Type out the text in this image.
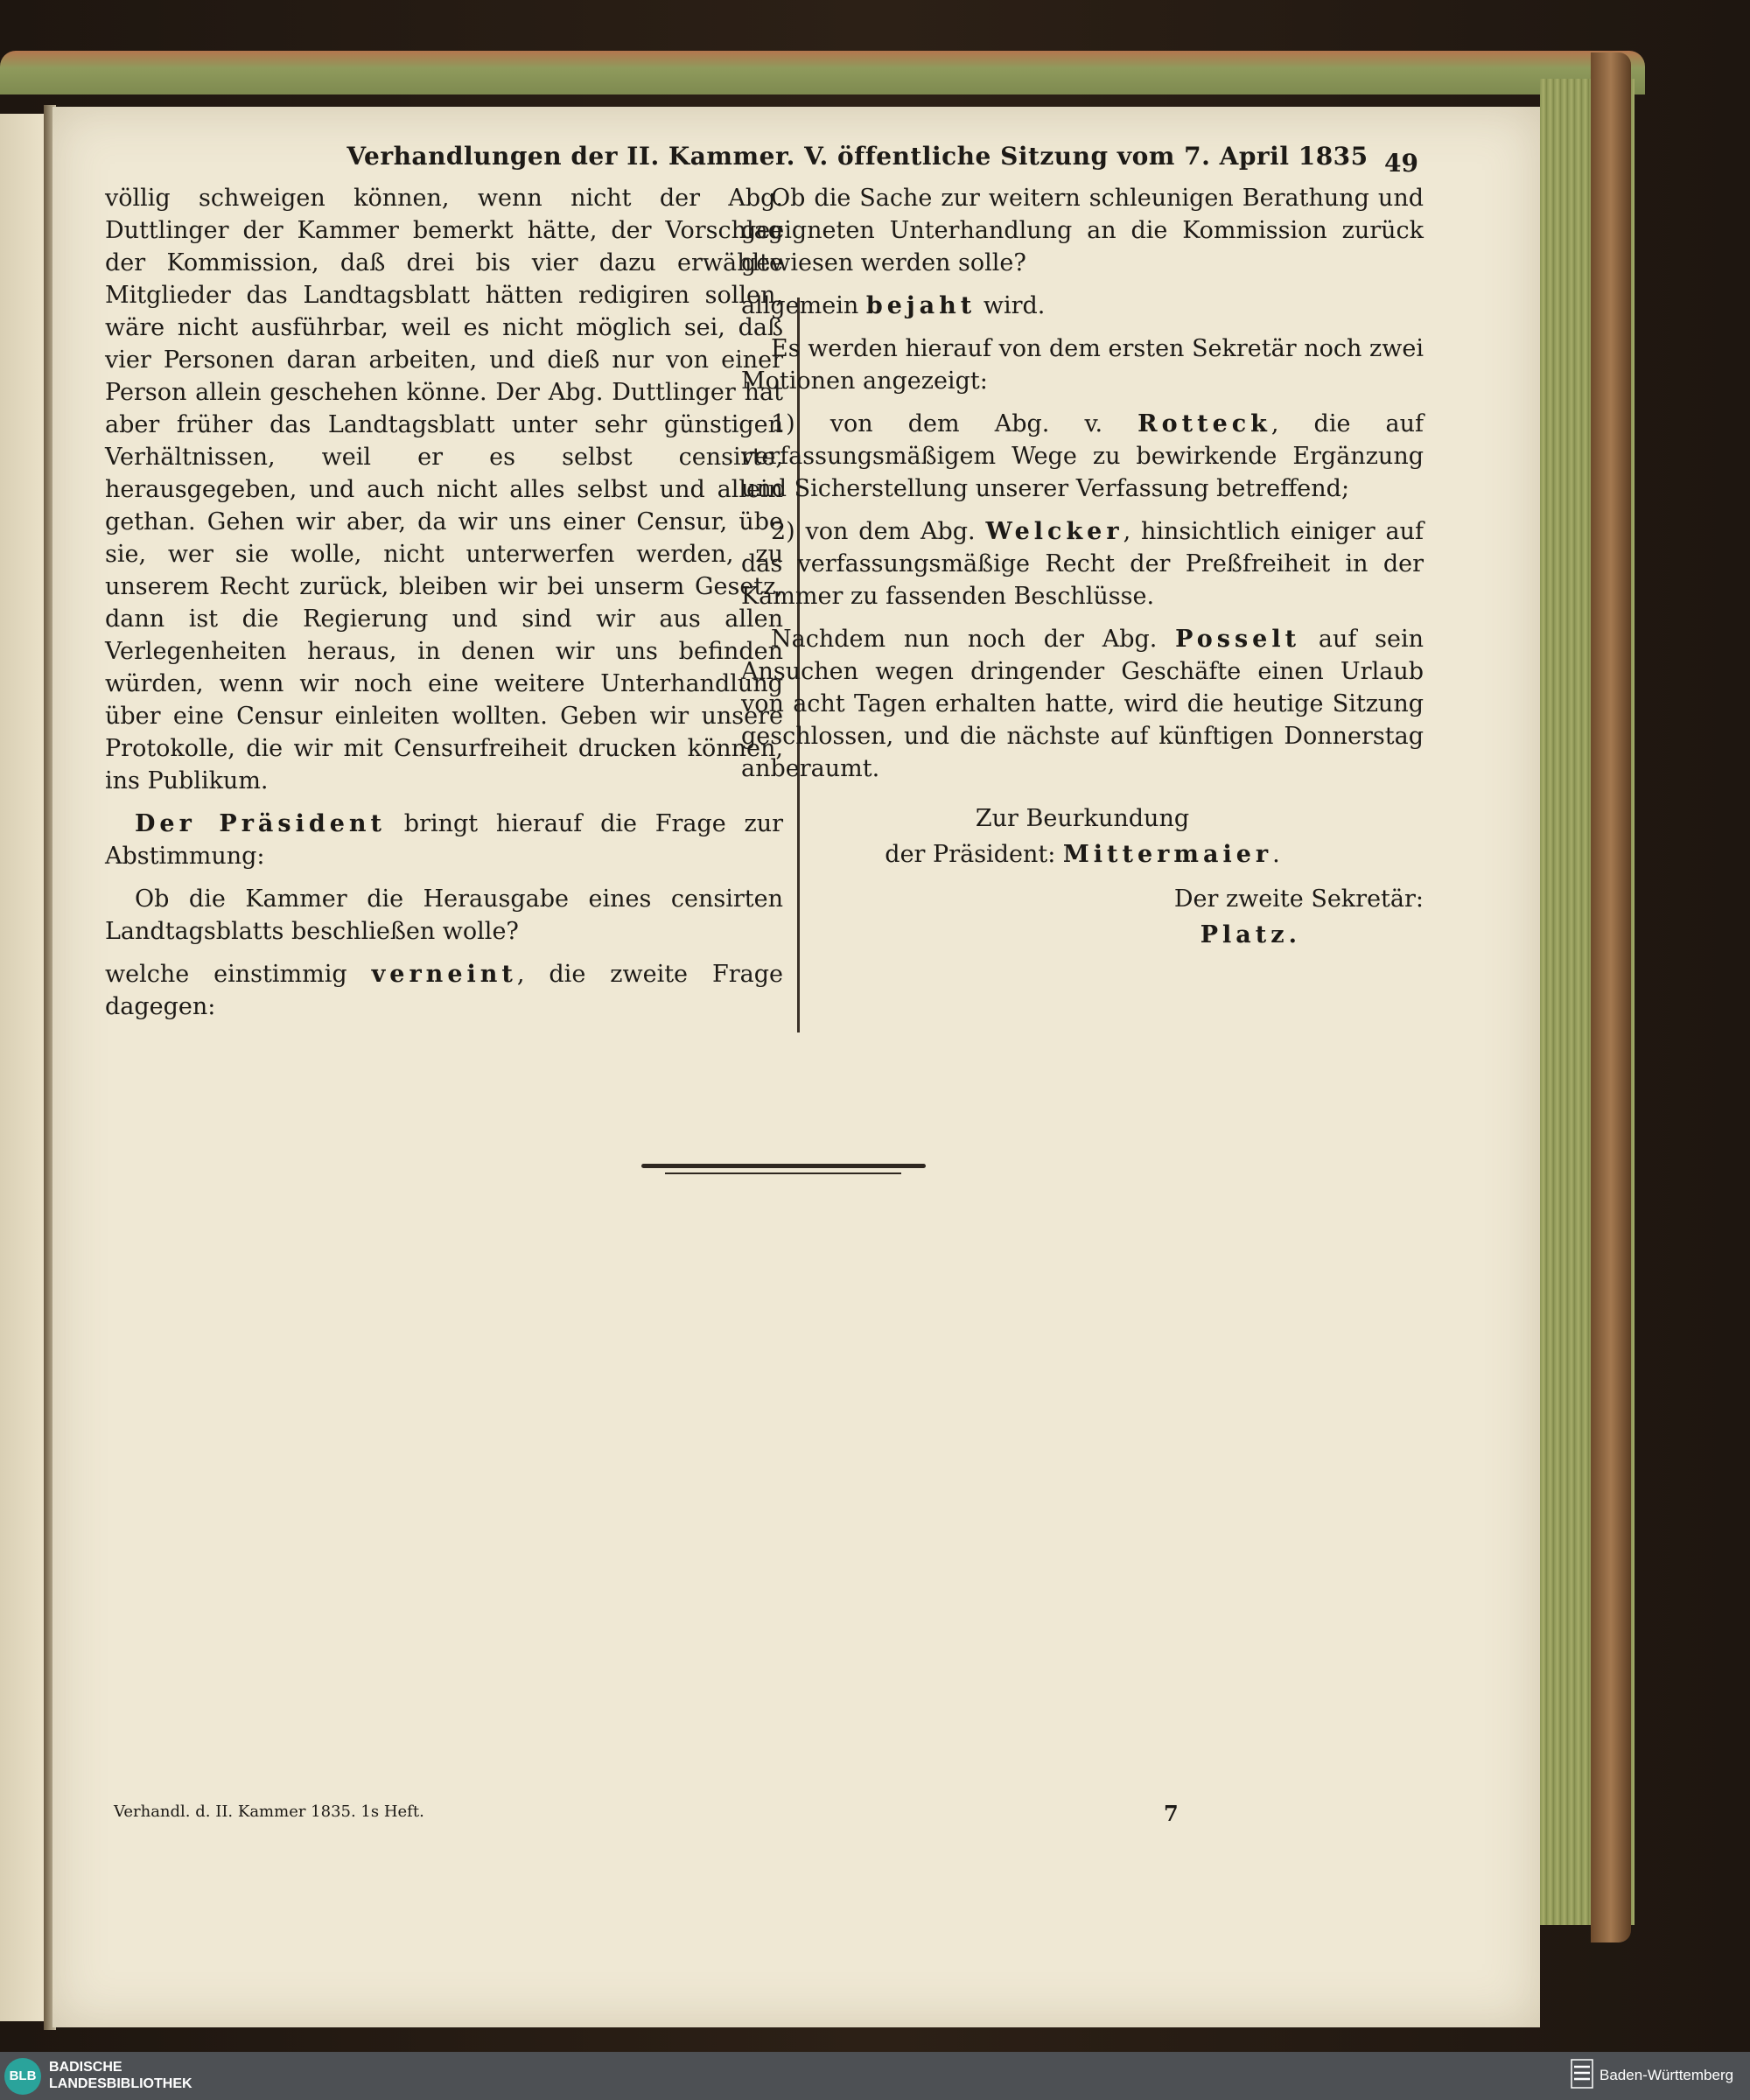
Verhandlungen der II. Kammer. V. öffentliche Sitzung vom 7. April 1835 49

völlig schweigen können, wenn nicht der Abg. Duttlinger der Kammer bemerkt hätte, der Vorschlag der Kommission, daß drei bis vier dazu erwählte Mitglieder das Landtagsblatt hätten redigiren sollen, wäre nicht ausführbar, weil es nicht möglich sei, daß vier Personen daran arbeiten, und dieß nur von einer Person allein geschehen könne. Der Abg. Duttlinger hat aber früher das Landtagsblatt unter sehr günstigen Verhältnissen, weil er es selbst censirte, herausgegeben, und auch nicht alles selbst und allein gethan. Gehen wir aber, da wir uns einer Censur, übe sie, wer sie wolle, nicht unterwerfen werden, zu unserem Recht zurück, bleiben wir bei unserm Gesetz, dann ist die Regierung und sind wir aus allen Verlegenheiten heraus, in denen wir uns befinden würden, wenn wir noch eine weitere Unterhandlung über eine Censur einleiten wollten. Geben wir unsere Protokolle, die wir mit Censurfreiheit drucken können, ins Publikum.

Der Präsident bringt hierauf die Frage zur Abstimmung:

Ob die Kammer die Herausgabe eines censirten Landtagsblatts beschließen wolle?

welche einstimmig verneint, die zweite Frage dagegen:

Ob die Sache zur weitern schleunigen Berathung und geeigneten Unterhandlung an die Kommission zurück gewiesen werden solle?

allgemein bejaht wird.

Es werden hierauf von dem ersten Sekretär noch zwei Motionen angezeigt:

1) von dem Abg. v. Rotteck, die auf verfassungsmäßigem Wege zu bewirkende Ergänzung und Sicherstellung unserer Verfassung betreffend;

2) von dem Abg. Welcker, hinsichtlich einiger auf das verfassungsmäßige Recht der Preßfreiheit in der Kammer zu fassenden Beschlüsse.

Nachdem nun noch der Abg. Posselt auf sein Ansuchen wegen dringender Geschäfte einen Urlaub von acht Tagen erhalten hatte, wird die heutige Sitzung geschlossen, und die nächste auf künftigen Donnerstag anberaumt.

Zur Beurkundung

der Präsident: Mittermaier.

Der zweite Sekretär:

Platz.

Verhandl. d. II. Kammer 1835. 1s Heft.	7
BLB
BADISCHE
LANDESBIBLIOTHEK
Baden-Württemberg
